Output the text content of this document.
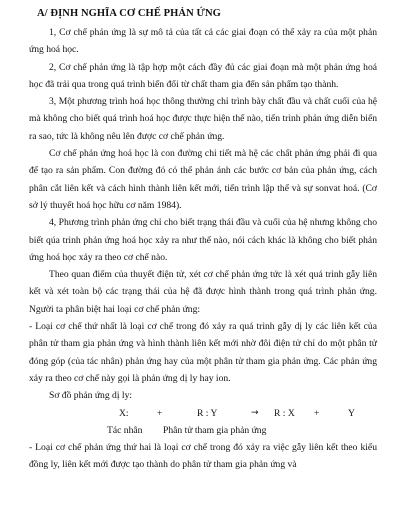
A/ ĐỊNH NGHĨA CƠ CHẾ PHẢN ỨNG

1, Cơ chế phản ứng là sự mô tả của tất cả các giai đoạn có thể xảy ra của một phản ứng hoá học.

2, Cơ chế phản ứng là tập hợp một cách đầy đủ các giai đoạn mà một phản ứng hoá học đã trải qua trong quá trình biến đổi từ chất tham gia đến sản phẩm tạo thành.

3, Một phương trình hoá học thông thường chỉ trình bày chất đầu và chất cuối của hệ mà không cho biết quá trình hoá học được thực hiện thế nào, tiến trình phản ứng diễn biến ra sao, tức là không nêu lên được cơ chế phản ứng.

Cơ chế phản ứng hoá học là con đường chi tiết mà hệ các chất phản ứng phải đi qua để tạo ra sản phẩm. Con đường đó có thể phản ánh các bước cơ bản của phản ứng, cách phân cắt liên kết và cách hình thành liên kết mới, tiến trình lập thể và sự sonvat hoá. (Cơ sở lý thuyết hoá học hữu cơ năm 1984).

4, Phương trình phản ứng chỉ cho biết trạng thái đầu và cuối của hệ nhưng không cho biết qúa trình phản ứng hoá học xảy ra như thế nào, nói cách khác là không cho biết phản ứng hoá học xảy ra theo cơ chế nào.

Theo quan điểm của thuyết điện tử, xét cơ chế phản ứng tức là xét quá trình gẫy liên kết và xét toàn bộ các trạng thái của hệ đã được hình thành trong quá trình phản ứng. Người ta phân biệt hai loại cơ chế phản ứng:

- Loại cơ chế thứ nhất là loại cơ chế trong đó xảy ra quá trình gẫy dị ly các liên kết của phân tử tham gia phản ứng và hình thành liên kết mới nhờ đôi điện tử chỉ do một phân tử đóng góp (của tác nhân) phản ứng hay của một phân tử tham gia phản ứng. Các phản ứng xảy ra theo cơ chế này gọi là phản ứng dị ly hay ion.

Sơ đồ phản ứng dị ly:

X:	+	R : Y	→ R : X +	Y
Tác nhân Phân tử tham gia phản ứng

- Loại cơ chế phản ứng thứ hai là loại cơ chế trong đó xảy ra việc gẫy liên kết theo kiểu đồng ly, liên kết mới được tạo thành do phân tử tham gia phản ứng và
